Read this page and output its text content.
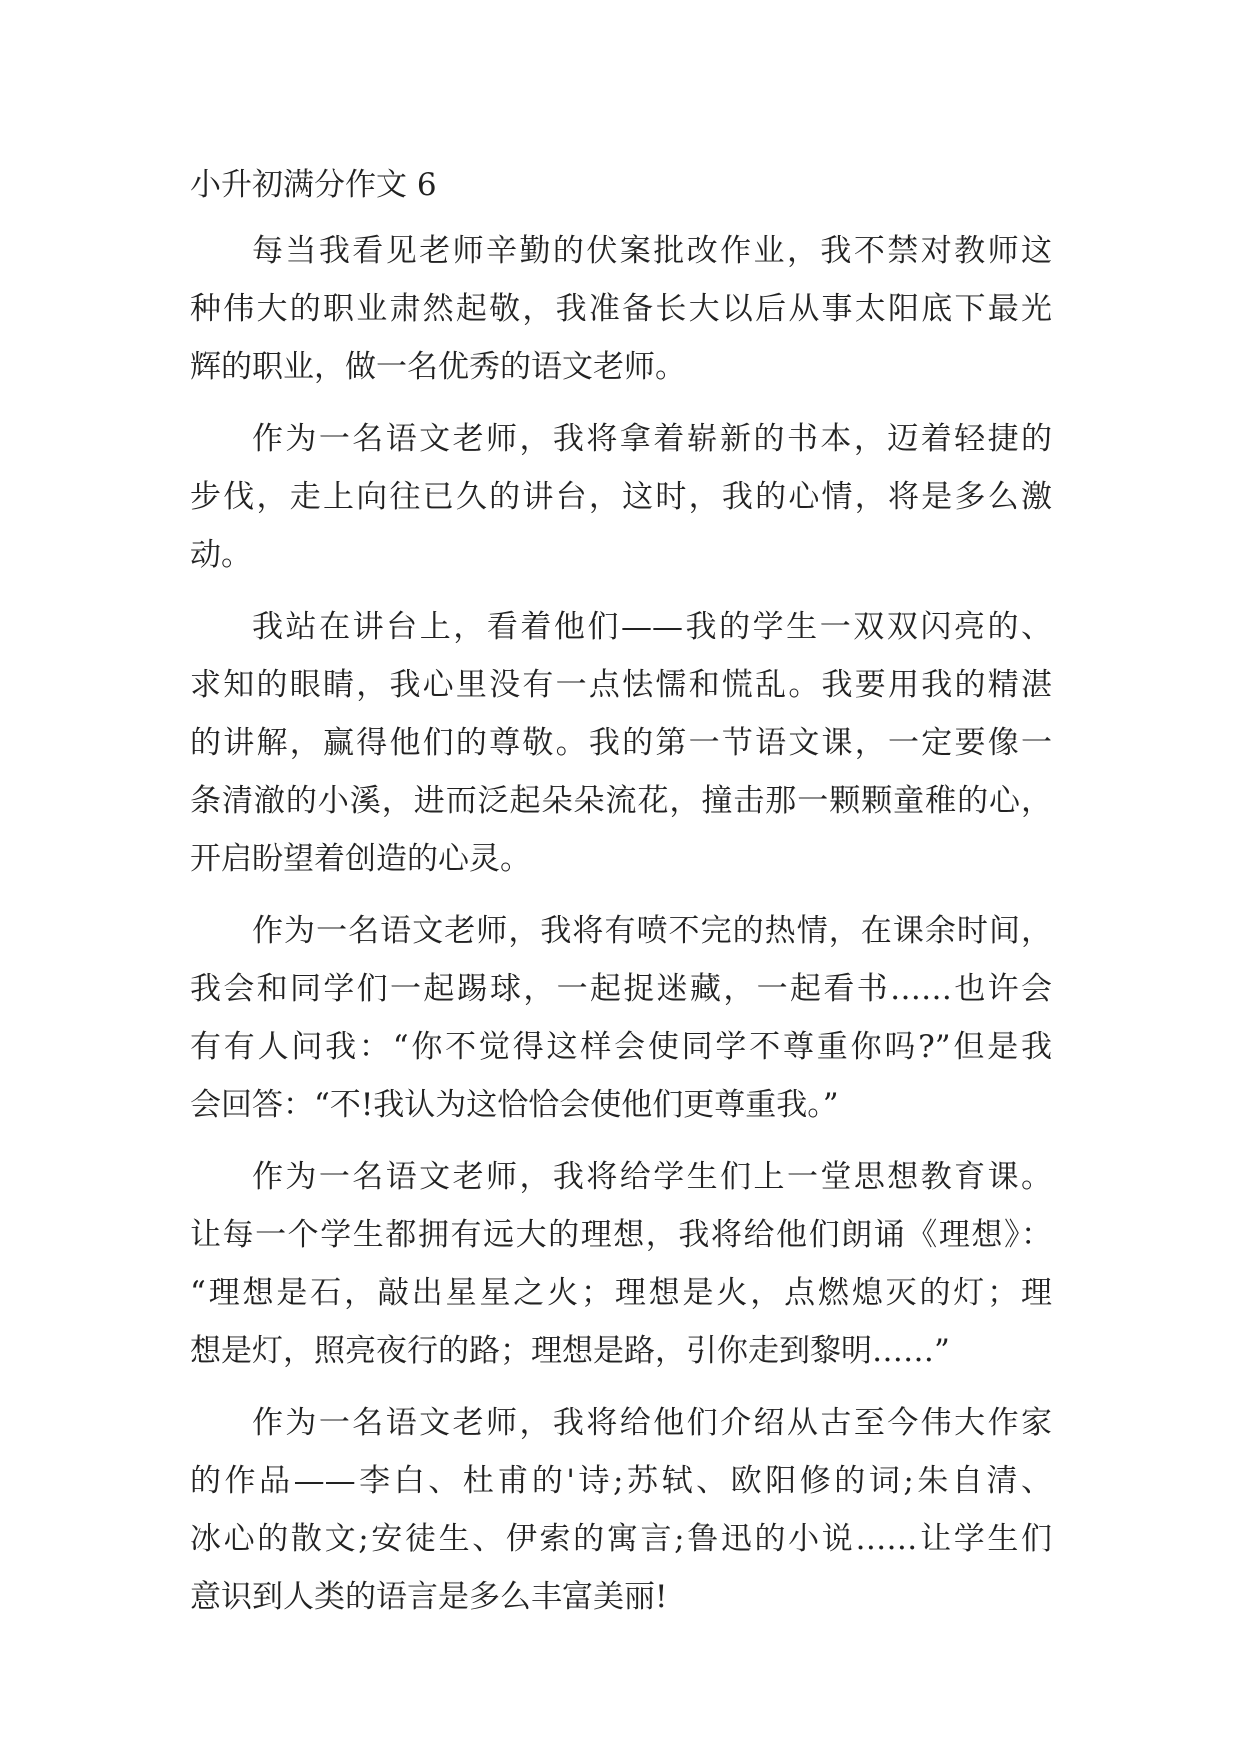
小升初满分作文 6
每当我看见老师辛勤的伏案批改作业，我不禁对教师这
种伟大的职业肃然起敬，我准备长大以后从事太阳底下最光
辉的职业，做一名优秀的语文老师。
作为一名语文老师，我将拿着崭新的书本，迈着轻捷的
步伐，走上向往已久的讲台，这时，我的心情，将是多么激
动。
我站在讲台上，看着他们——我的学生一双双闪亮的、
求知的眼睛，我心里没有一点怯懦和慌乱。我要用我的精湛
的讲解，赢得他们的尊敬。我的第一节语文课，一定要像一
条清澈的小溪，进而泛起朵朵流花，撞击那一颗颗童稚的心，
开启盼望着创造的心灵。
作为一名语文老师，我将有喷不完的热情，在课余时间，
我会和同学们一起踢球，一起捉迷藏，一起看书……也许会
有有人问我：“你不觉得这样会使同学不尊重你吗?”但是我
会回答：“不!我认为这恰恰会使他们更尊重我。”
作为一名语文老师，我将给学生们上一堂思想教育课。
让每一个学生都拥有远大的理想，我将给他们朗诵《理想》：
“理想是石，敲出星星之火；理想是火，点燃熄灭的灯；理
想是灯，照亮夜行的路；理想是路，引你走到黎明……”
作为一名语文老师，我将给他们介绍从古至今伟大作家
的作品——李白、杜甫的'诗;苏轼、欧阳修的词;朱自清、
冰心的散文;安徒生、伊索的寓言;鲁迅的小说……让学生们
意识到人类的语言是多么丰富美丽!
